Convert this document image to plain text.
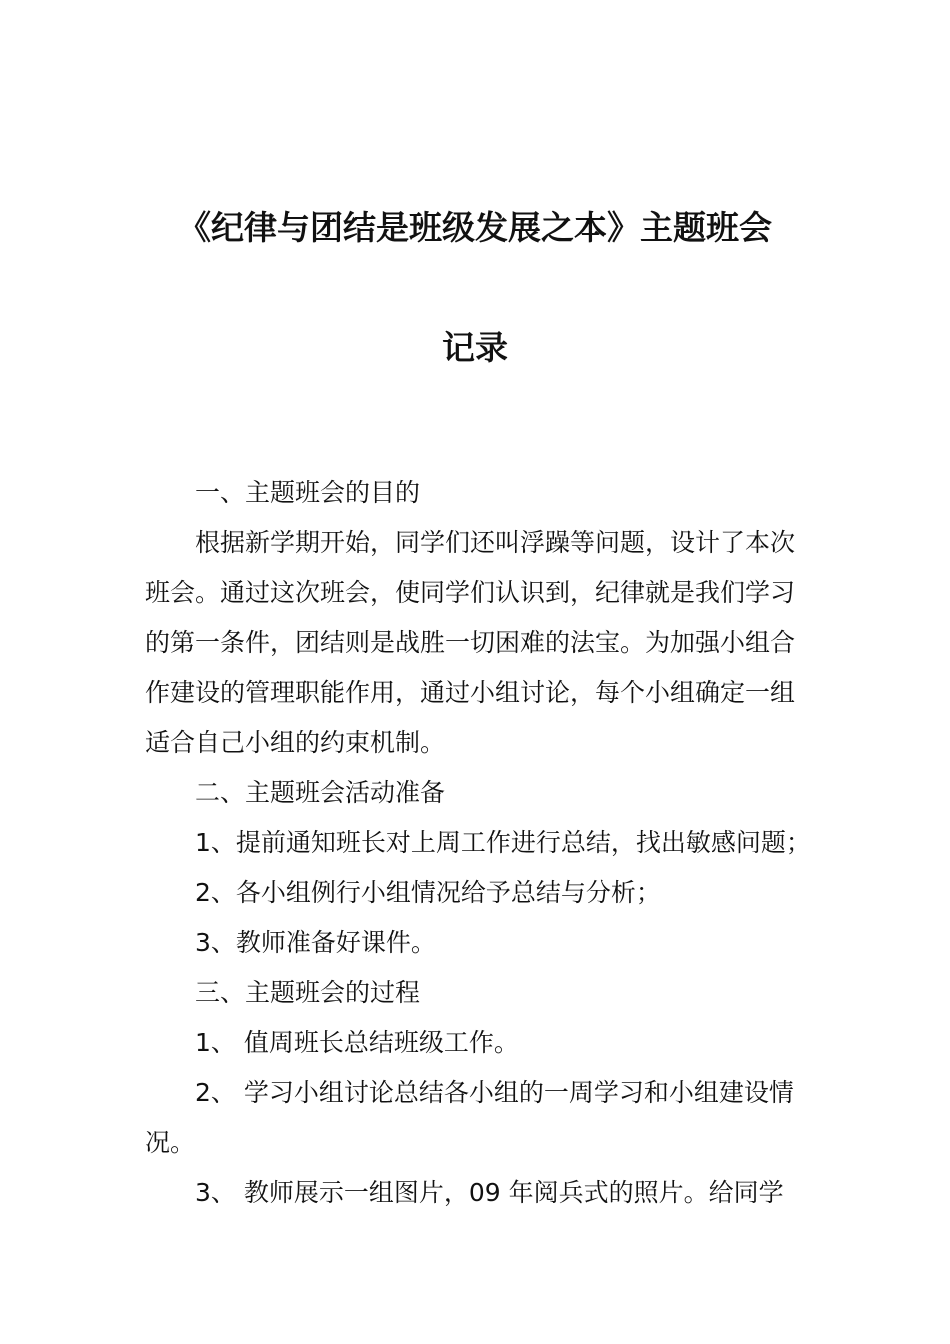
《纪律与团结是班级发展之本》主题班会
记录

一、主题班会的目的

根据新学期开始，同学们还叫浮躁等问题，设计了本次班会。通过这次班会，使同学们认识到，纪律就是我们学习的第一条件，团结则是战胜一切困难的法宝。为加强小组合作建设的管理职能作用，通过小组讨论，每个小组确定一组适合自己小组的约束机制。

二、主题班会活动准备

1、提前通知班长对上周工作进行总结，找出敏感问题；

2、各小组例行小组情况给予总结与分析；

3、教师准备好课件。

三、主题班会的过程

1、 值周班长总结班级工作。

2、 学习小组讨论总结各小组的一周学习和小组建设情况。

3、 教师展示一组图片，09 年阅兵式的照片。给同学
